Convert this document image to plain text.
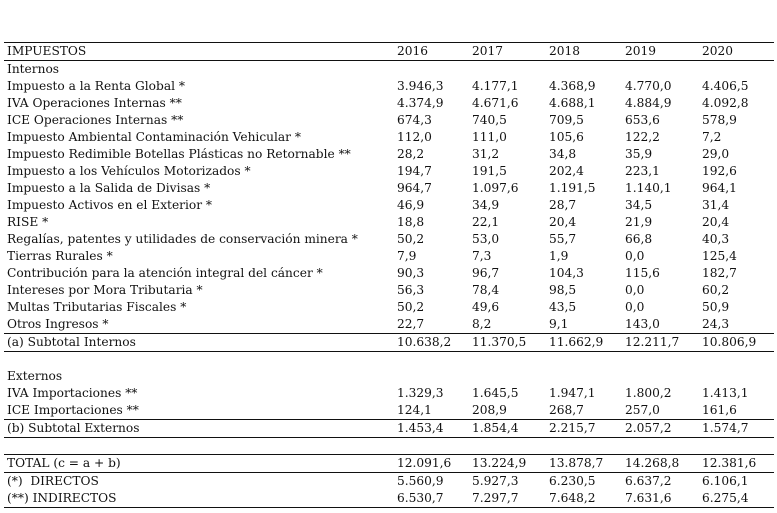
IMPUESTOS	2016	2017	2018	2019	2020
Internos
Impuesto a la Renta Global *	3.946,3 4.177,1 4.368,9 4.770,0 4.406,5
IVA Operaciones Internas **	4.374,9 4.671,6 4.688,1 4.884,9 4.092,8
ICE Operaciones Internas **	674,3	740,5	709,5	653,6	578,9
Impuesto Ambiental Contaminación Vehicular *	112,0	111,0	105,6	122,2	7,2
Impuesto Redimible Botellas Plásticas no Retornable **	28,2	31,2	34,8	35,9	29,0
Impuesto a los Vehículos Motorizados *	194,7	191,5	202,4	223,1	192,6
Impuesto a la Salida de Divisas *	964,7	1.097,6 1.191,5 1.140,1 964,1
Impuesto Activos en el Exterior *	46,9	34,9	28,7	34,5	31,4
RISE *	18,8	22,1	20,4	21,9	20,4
Regalías, patentes y utilidades de conservación minera *	50,2	53,0	55,7	66,8	40,3
Tierras Rurales *	7,9	7,3	1,9	0,0	125,4
Contribución para la atención integral del cáncer *	90,3	96,7	104,3	115,6	182,7
Intereses por Mora Tributaria *	56,3	78,4	98,5	0,0	60,2
Multas Tributarias Fiscales *	50,2	49,6	43,5	0,0	50,9
Otros Ingresos *	22,7	8,2	9,1	143,0	24,3
(a) Subtotal Internos	10.638,2 11.370,5 11.662,9 12.211,7 10.806,9
Externos
IVA Importaciones **	1.329,3 1.645,5 1.947,1 1.800,2 1.413,1
ICE Importaciones **	124,1	208,9	268,7	257,0	161,6
(b) Subtotal Externos	1.453,4 1.854,4 2.215,7 2.057,2 1.574,7
TOTAL (c = a + b)	12.091,6 13.224,9 13.878,7 14.268,8 12.381,6
(*)  DIRECTOS	5.560,9 5.927,3 6.230,5 6.637,2 6.106,1
(**) INDIRECTOS	6.530,7 7.297,7 7.648,2 7.631,6 6.275,4
